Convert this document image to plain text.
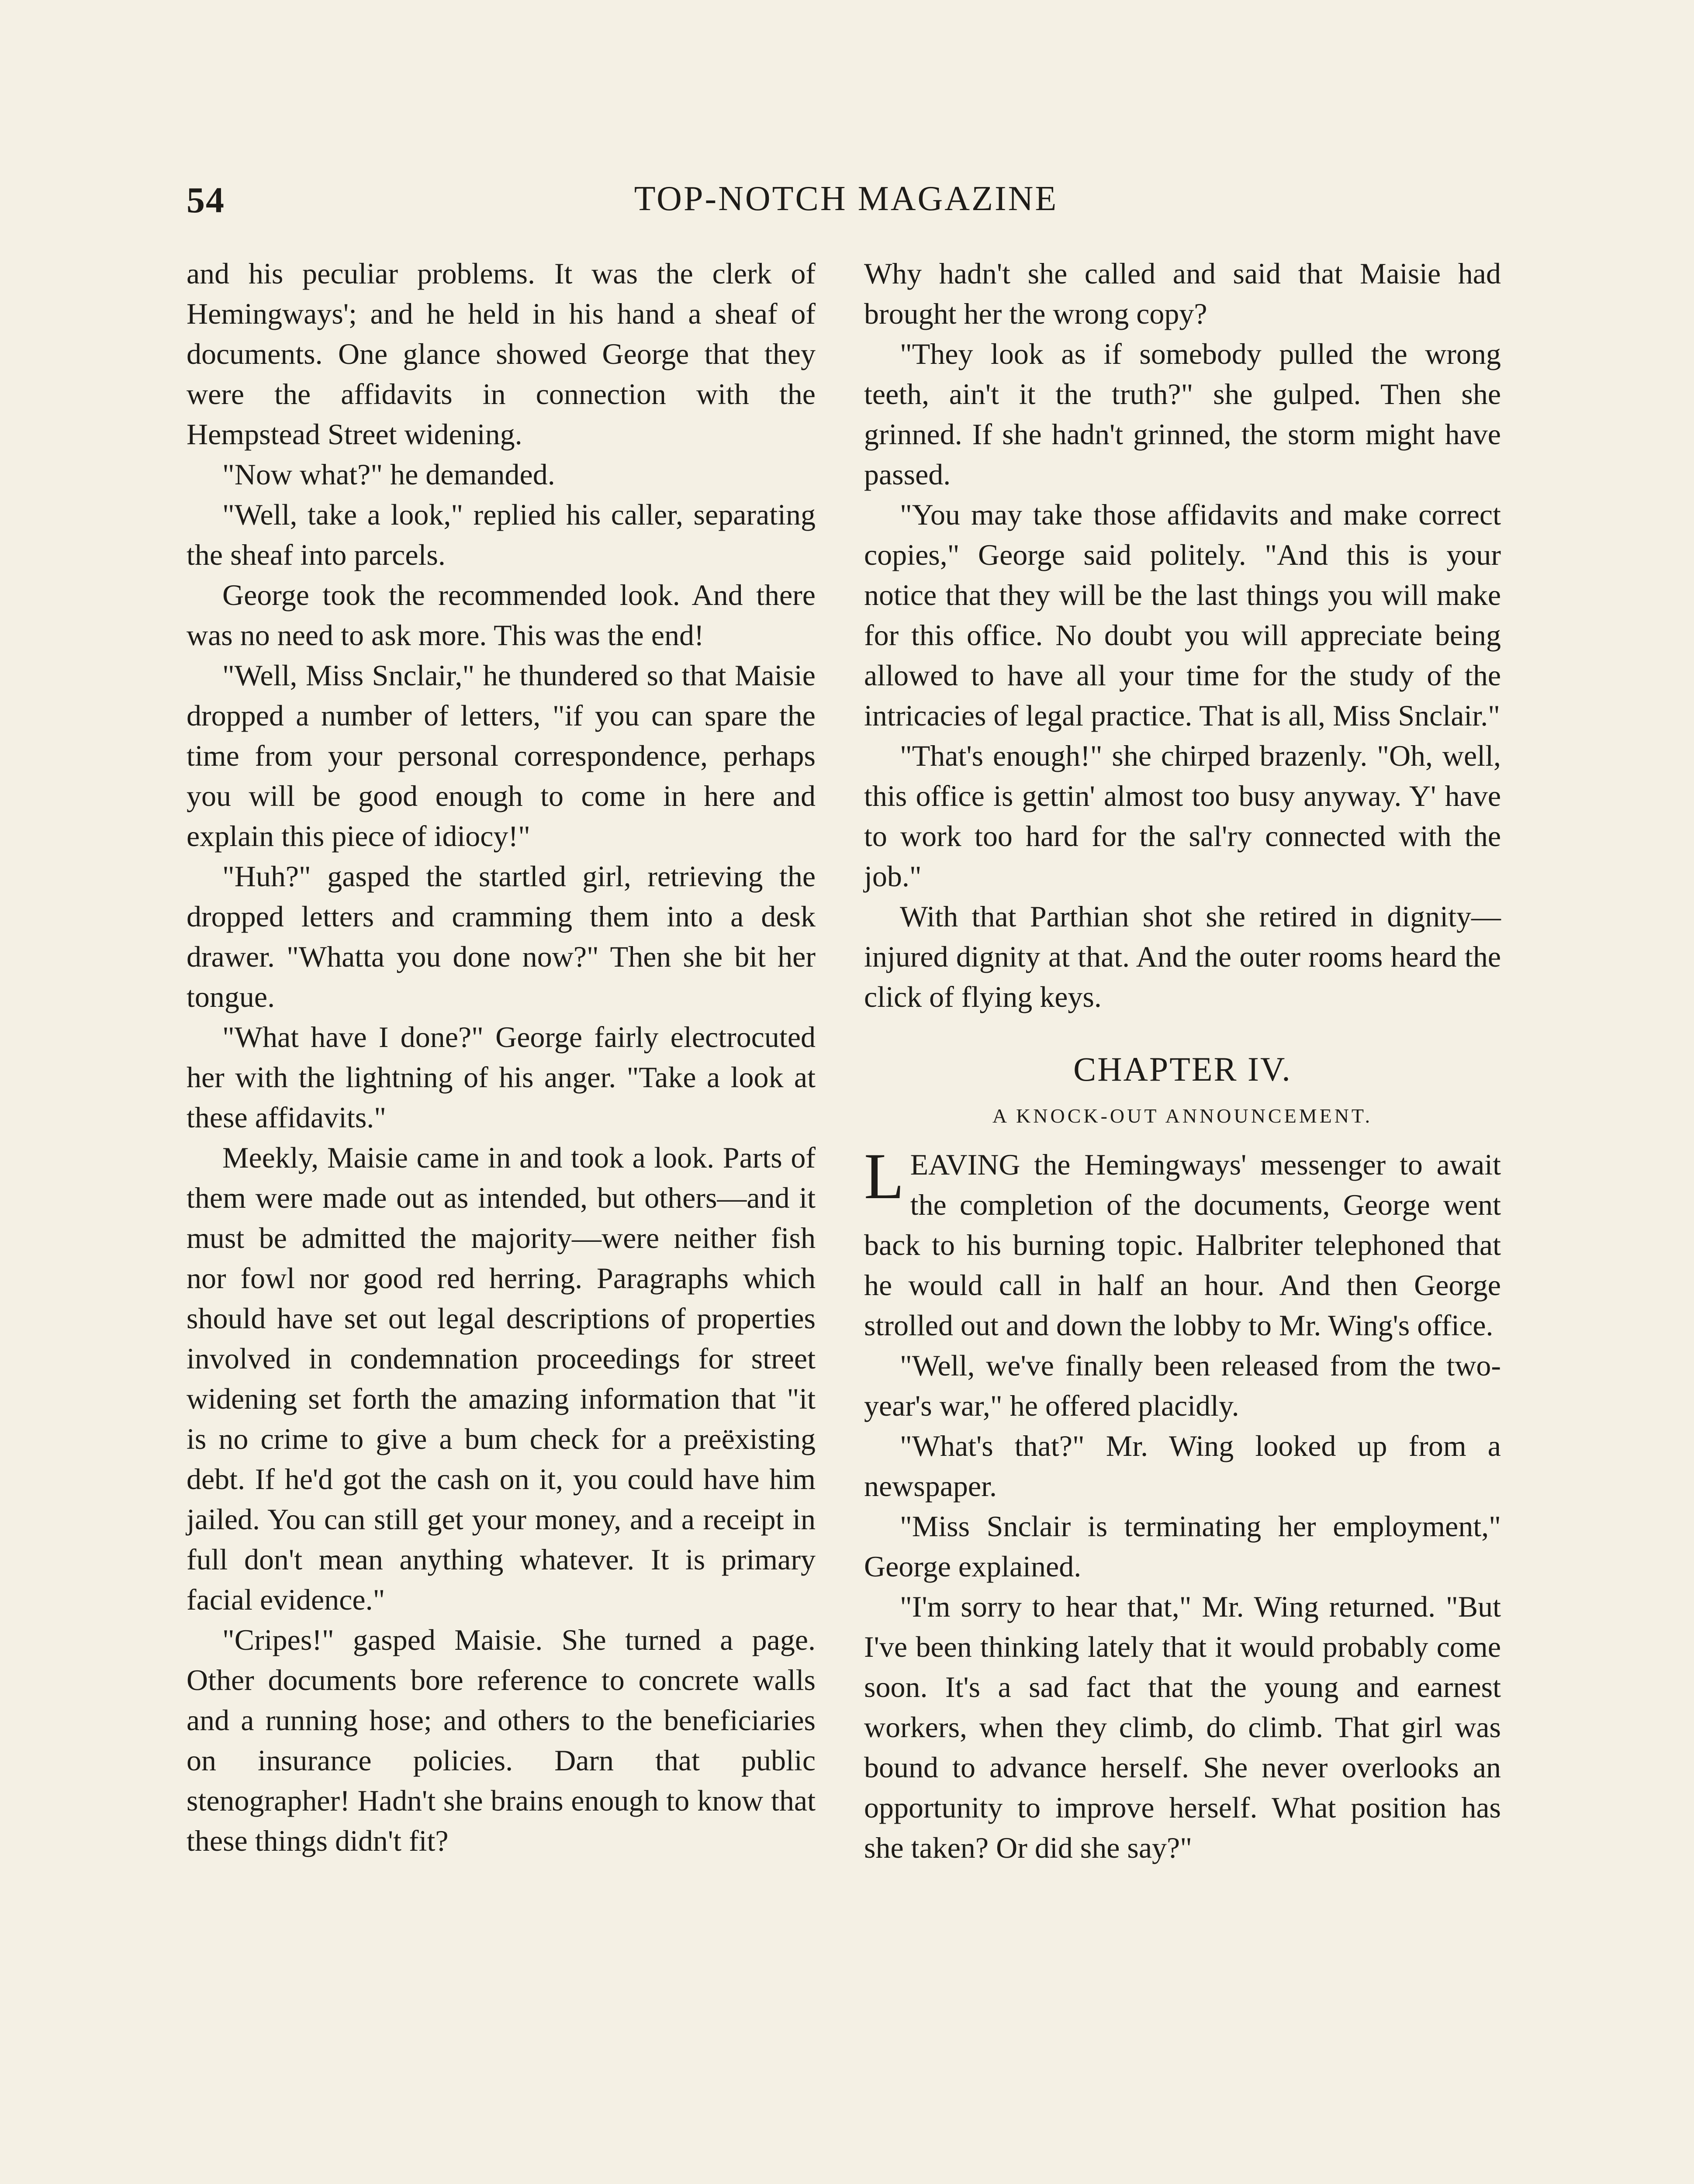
54	TOP-NOTCH MAGAZINE

and his peculiar problems. It was the clerk of Hemingways'; and he held in his hand a sheaf of documents. One glance showed George that they were the affidavits in connection with the Hempstead Street widening.

"Now what?" he demanded.

"Well, take a look," replied his caller, separating the sheaf into parcels.

George took the recommended look. And there was no need to ask more. This was the end!

"Well, Miss Snclair," he thundered so that Maisie dropped a number of letters, "if you can spare the time from your personal correspondence, perhaps you will be good enough to come in here and explain this piece of idiocy!"

"Huh?" gasped the startled girl, retrieving the dropped letters and cramming them into a desk drawer. "Whatta you done now?" Then she bit her tongue.

"What have I done?" George fairly electrocuted her with the lightning of his anger. "Take a look at these affidavits."

Meekly, Maisie came in and took a look. Parts of them were made out as intended, but others—and it must be admitted the majority—were neither fish nor fowl nor good red herring. Paragraphs which should have set out legal descriptions of properties involved in condemnation proceedings for street widening set forth the amazing information that "it is no crime to give a bum check for a preëxisting debt. If he'd got the cash on it, you could have him jailed. You can still get your money, and a receipt in full don't mean anything whatever. It is primary facial evidence."

"Cripes!" gasped Maisie. She turned a page. Other documents bore reference to concrete walls and a running hose; and others to the beneficiaries on insurance policies. Darn that public stenographer! Hadn't she brains enough to know that these things didn't fit?

Why hadn't she called and said that Maisie had brought her the wrong copy?

"They look as if somebody pulled the wrong teeth, ain't it the truth?" she gulped. Then she grinned. If she hadn't grinned, the storm might have passed.

"You may take those affidavits and make correct copies," George said politely. "And this is your notice that they will be the last things you will make for this office. No doubt you will appreciate being allowed to have all your time for the study of the intricacies of legal practice. That is all, Miss Snclair."

"That's enough!" she chirped brazenly. "Oh, well, this office is gettin' almost too busy anyway. Y' have to work too hard for the sal'ry connected with the job."

With that Parthian shot she retired in dignity—injured dignity at that. And the outer rooms heard the click of flying keys.

CHAPTER IV.
A KNOCK-OUT ANNOUNCEMENT.
L EAVING the Hemingways' messenger to await the completion of the documents, George went back to his burning topic. Halbriter telephoned that he would call in half an hour. And then George strolled out and down the lobby to Mr. Wing's office.

"Well, we've finally been released from the two-year's war," he offered placidly.

"What's that?" Mr. Wing looked up from a newspaper.

"Miss Snclair is terminating her employment," George explained.

"I'm sorry to hear that," Mr. Wing returned. "But I've been thinking lately that it would probably come soon. It's a sad fact that the young and earnest workers, when they climb, do climb. That girl was bound to advance herself. She never overlooks an opportunity to improve herself. What position has she taken? Or did she say?"
